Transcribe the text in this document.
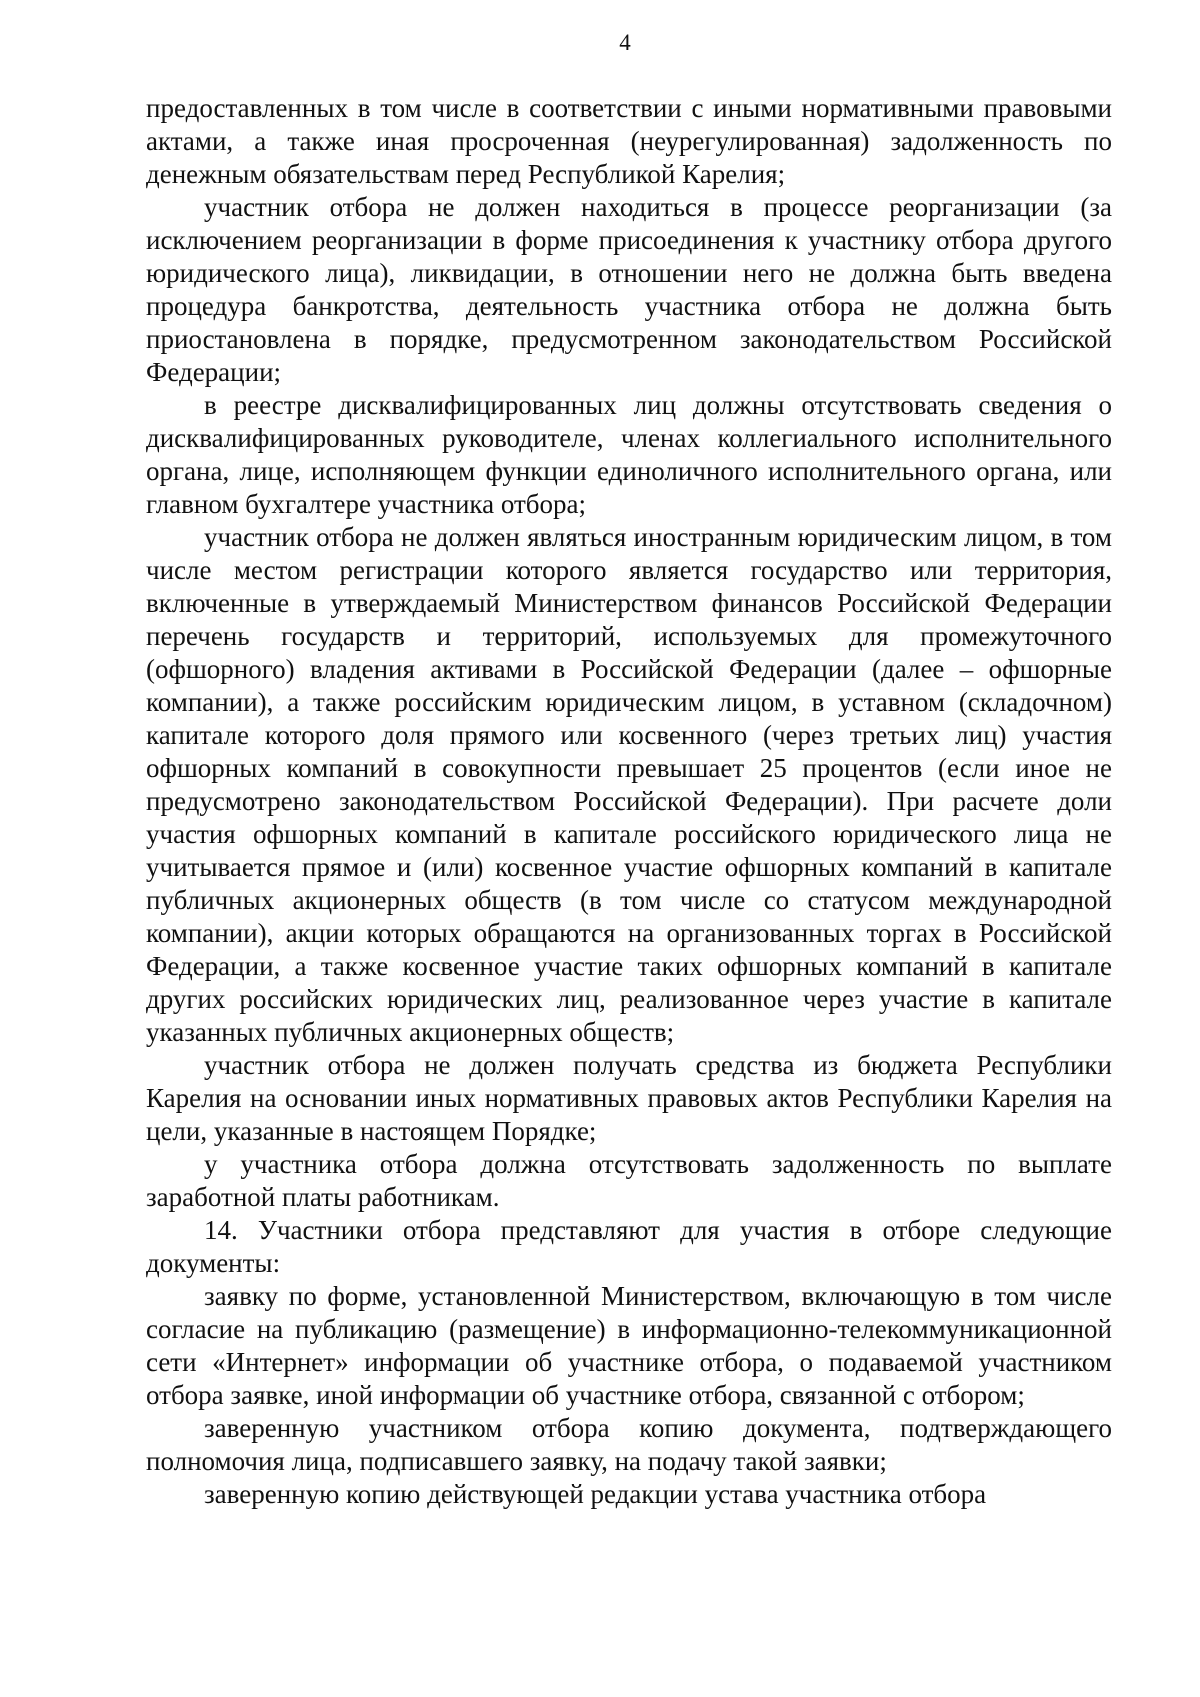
4

предоставленных в том числе в соответствии с иными нормативными правовыми актами, а также иная просроченная (неурегулированная) задолженность по денежным обязательствам перед Республикой Карелия;

участник отбора не должен находиться в процессе реорганизации (за исключением реорганизации в форме присоединения к участнику отбора другого юридического лица), ликвидации, в отношении него не должна быть введена процедура банкротства, деятельность участника отбора не должна быть приостановлена в порядке, предусмотренном законодательством Российской Федерации;

в реестре дисквалифицированных лиц должны отсутствовать сведения о дисквалифицированных руководителе, членах коллегиального исполнительного органа, лице, исполняющем функции единоличного исполнительного органа, или главном бухгалтере участника отбора;

участник отбора не должен являться иностранным юридическим лицом, в том числе местом регистрации которого является государство или территория, включенные в утверждаемый Министерством финансов Российской Федерации перечень государств и территорий, используемых для промежуточного (офшорного) владения активами в Российской Федерации (далее – офшорные компании), а также российским юридическим лицом, в уставном (складочном) капитале которого доля прямого или косвенного (через третьих лиц) участия офшорных компаний в совокупности превышает 25 процентов (если иное не предусмотрено законодательством Российской Федерации). При расчете доли участия офшорных компаний в капитале российского юридического лица не учитывается прямое и (или) косвенное участие офшорных компаний в капитале публичных акционерных обществ (в том числе со статусом международной компании), акции которых обращаются на организованных торгах в Российской Федерации, а также косвенное участие таких офшорных компаний в капитале других российских юридических лиц, реализованное через участие в капитале указанных публичных акционерных обществ;

участник отбора не должен получать средства из бюджета Республики Карелия на основании иных нормативных правовых актов Республики Карелия на цели, указанные в настоящем Порядке;

у участника отбора должна отсутствовать задолженность по выплате заработной платы работникам.

14. Участники отбора представляют для участия в отборе следующие документы:

заявку по форме, установленной Министерством, включающую в том числе согласие на публикацию (размещение) в информационно-телекоммуникационной сети «Интернет» информации об участнике отбора, о подаваемой участником отбора заявке, иной информации об участнике отбора, связанной с отбором;

заверенную участником отбора копию документа, подтверждающего полномочия лица, подписавшего заявку, на подачу такой заявки;

заверенную копию действующей редакции устава участника отбора
